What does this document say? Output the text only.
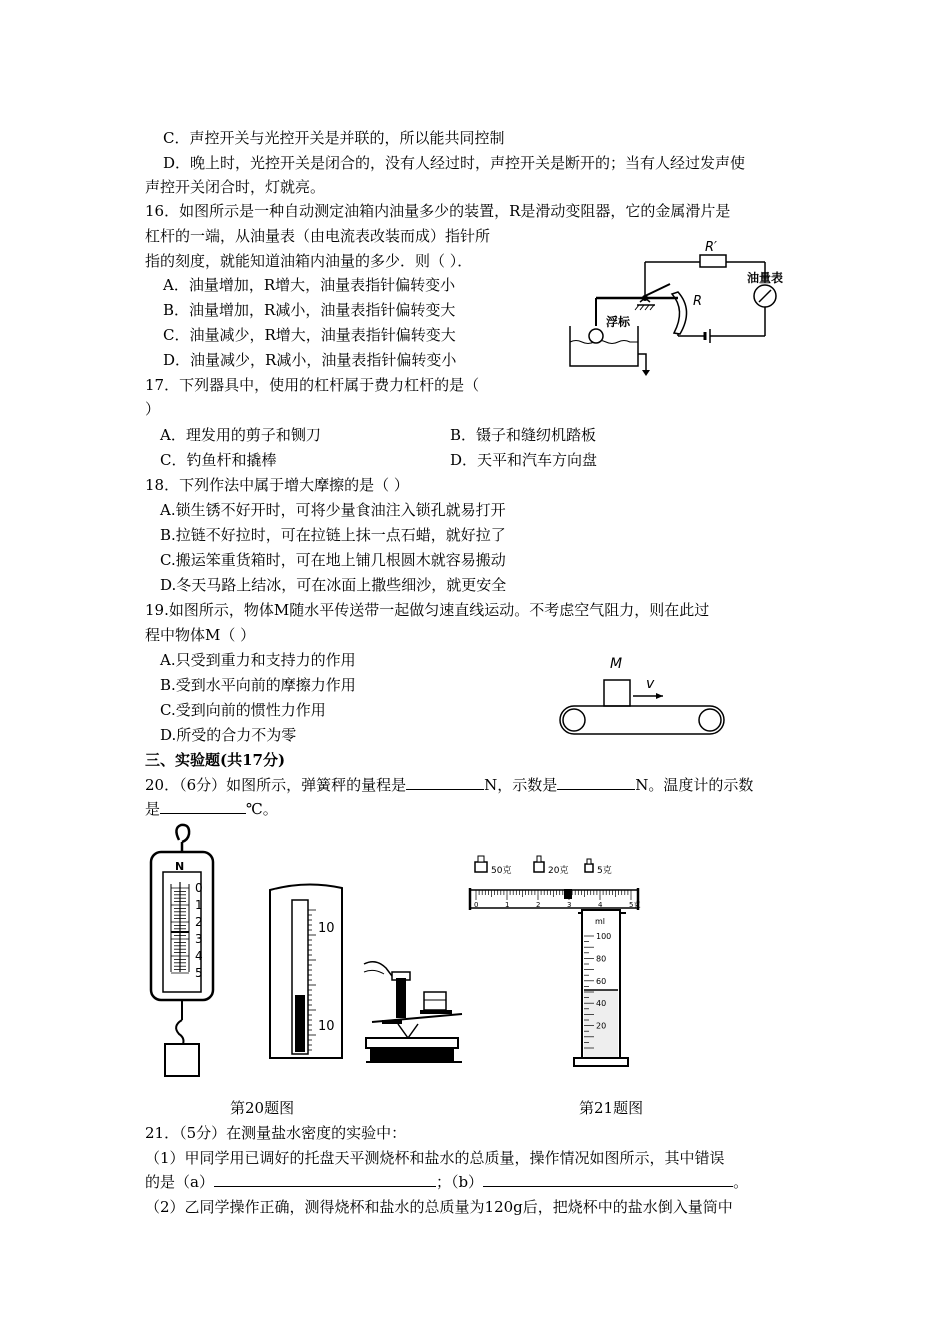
C．声控开关与光控开关是并联的，所以能共同控制
D．晚上时，光控开关是闭合的，没有人经过时，声控开关是断开的；当有人经过发声使
声控开关闭合时，灯就亮。
16．如图所示是一种自动测定油箱内油量多少的装置，R是滑动变阻器，它的金属滑片是
杠杆的一端，从油量表（由电流表改装而成）指针所
指的刻度，就能知道油箱内油量的多少．则（ ）．
A．油量增加，R增大，油量表指针偏转变小
B．油量增加，R减小，油量表指针偏转变大
C．油量减少，R增大，油量表指针偏转变大
D．油量减少，R减小，油量表指针偏转变小
R′
油量表
R
浮标
17．下列器具中，使用的杠杆属于费力杠杆的是（
）
A．理发用的剪子和铡刀	B．镊子和缝纫机踏板
C．钓鱼杆和撬棒	D．天平和汽车方向盘
18．下列作法中属于增大摩擦的是（ ）
A.锁生锈不好开时，可将少量食油注入锁孔就易打开
B.拉链不好拉时，可在拉链上抹一点石蜡，就好拉了
C.搬运笨重货箱时，可在地上铺几根圆木就容易搬动
D.冬天马路上结冰，可在冰面上撒些细沙，就更安全
19.如图所示，物体M随水平传送带一起做匀速直线运动。不考虑空气阻力，则在此过
程中物体M（ ）
A.只受到重力和支持力的作用
B.受到水平向前的摩擦力作用
C.受到向前的惯性力作用
D.所受的合力不为零
M
v
三、实验题(共17分)
20．（6分）如图所示，弹簧秤的量程是	N，示数是	N。温度计的示数
是	℃。
N
0
1
2
3
4
5
10
10
50克	20克	5克
0	1	2	3	4	5克
ml
100
80
60
40
20
第20题图	第21题图
21．（5分）在测量盐水密度的实验中：
（1）甲同学用已调好的托盘天平测烧杯和盐水的总质量，操作情况如图所示，其中错误
的是（a）	；（b）	。
（2）乙同学操作正确，测得烧杯和盐水的总质量为120g后，把烧杯中的盐水倒入量筒中
